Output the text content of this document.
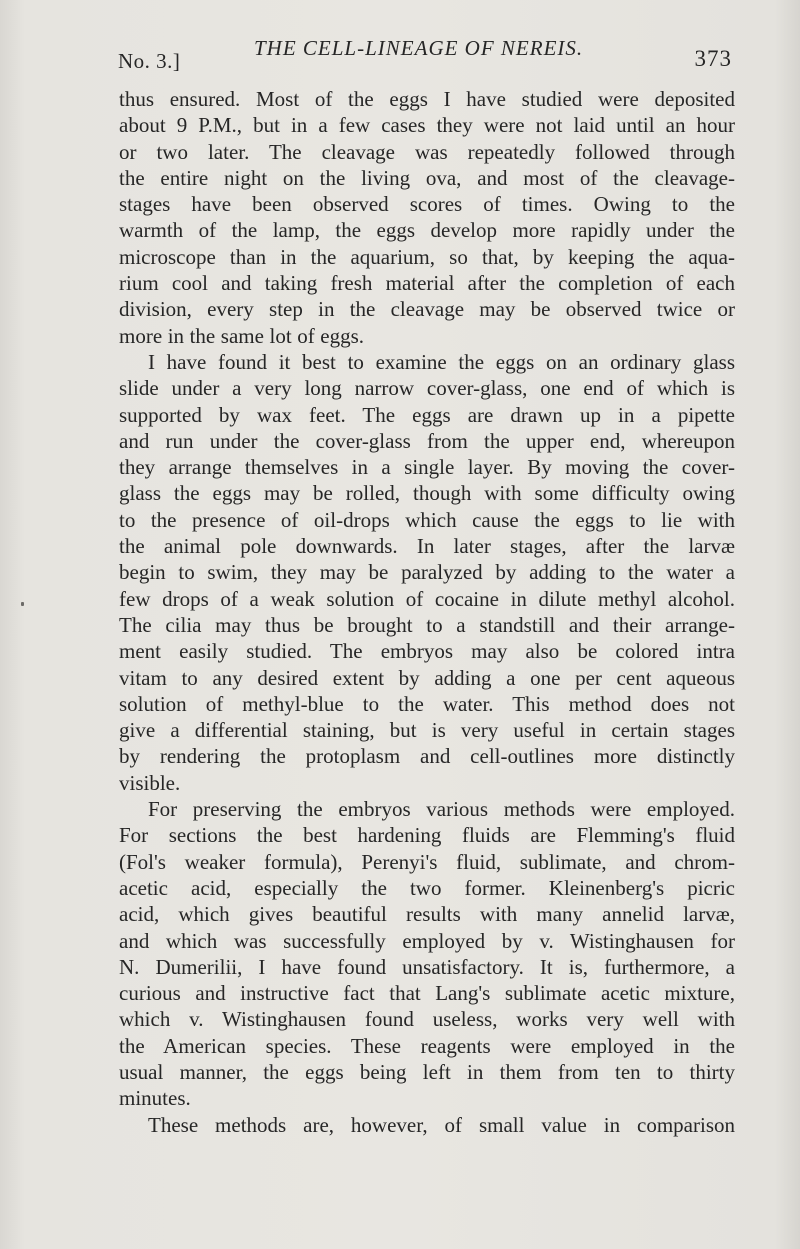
No. 3.]
THE CELL-LINEAGE OF NEREIS.	373
thus ensured. Most of the eggs I have studied were deposited
about 9 P.M., but in a few cases they were not laid until an hour
or two later. The cleavage was repeatedly followed through
the entire night on the living ova, and most of the cleavage-
stages have been observed scores of times. Owing to the
warmth of the lamp, the eggs develop more rapidly under the
microscope than in the aquarium, so that, by keeping the aqua-
rium cool and taking fresh material after the completion of each
division, every step in the cleavage may be observed twice or
more in the same lot of eggs.
I have found it best to examine the eggs on an ordinary glass
slide under a very long narrow cover-glass, one end of which is
supported by wax feet. The eggs are drawn up in a pipette
and run under the cover-glass from the upper end, whereupon
they arrange themselves in a single layer. By moving the cover-
glass the eggs may be rolled, though with some difficulty owing
to the presence of oil-drops which cause the eggs to lie with
the animal pole downwards. In later stages, after the larvæ
begin to swim, they may be paralyzed by adding to the water a
few drops of a weak solution of cocaine in dilute methyl alcohol.
The cilia may thus be brought to a standstill and their arrange-
ment easily studied. The embryos may also be colored intra
vitam to any desired extent by adding a one per cent aqueous
solution of methyl-blue to the water. This method does not
give a differential staining, but is very useful in certain stages
by rendering the protoplasm and cell-outlines more distinctly
visible.
For preserving the embryos various methods were employed.
For sections the best hardening fluids are Flemming's fluid
(Fol's weaker formula), Perenyi's fluid, sublimate, and chrom-
acetic acid, especially the two former. Kleinenberg's picric
acid, which gives beautiful results with many annelid larvæ,
and which was successfully employed by v. Wistinghausen for
N. Dumerilii, I have found unsatisfactory. It is, furthermore, a
curious and instructive fact that Lang's sublimate acetic mixture,
which v. Wistinghausen found useless, works very well with
the American species. These reagents were employed in the
usual manner, the eggs being left in them from ten to thirty
minutes.
These methods are, however, of small value in comparison
